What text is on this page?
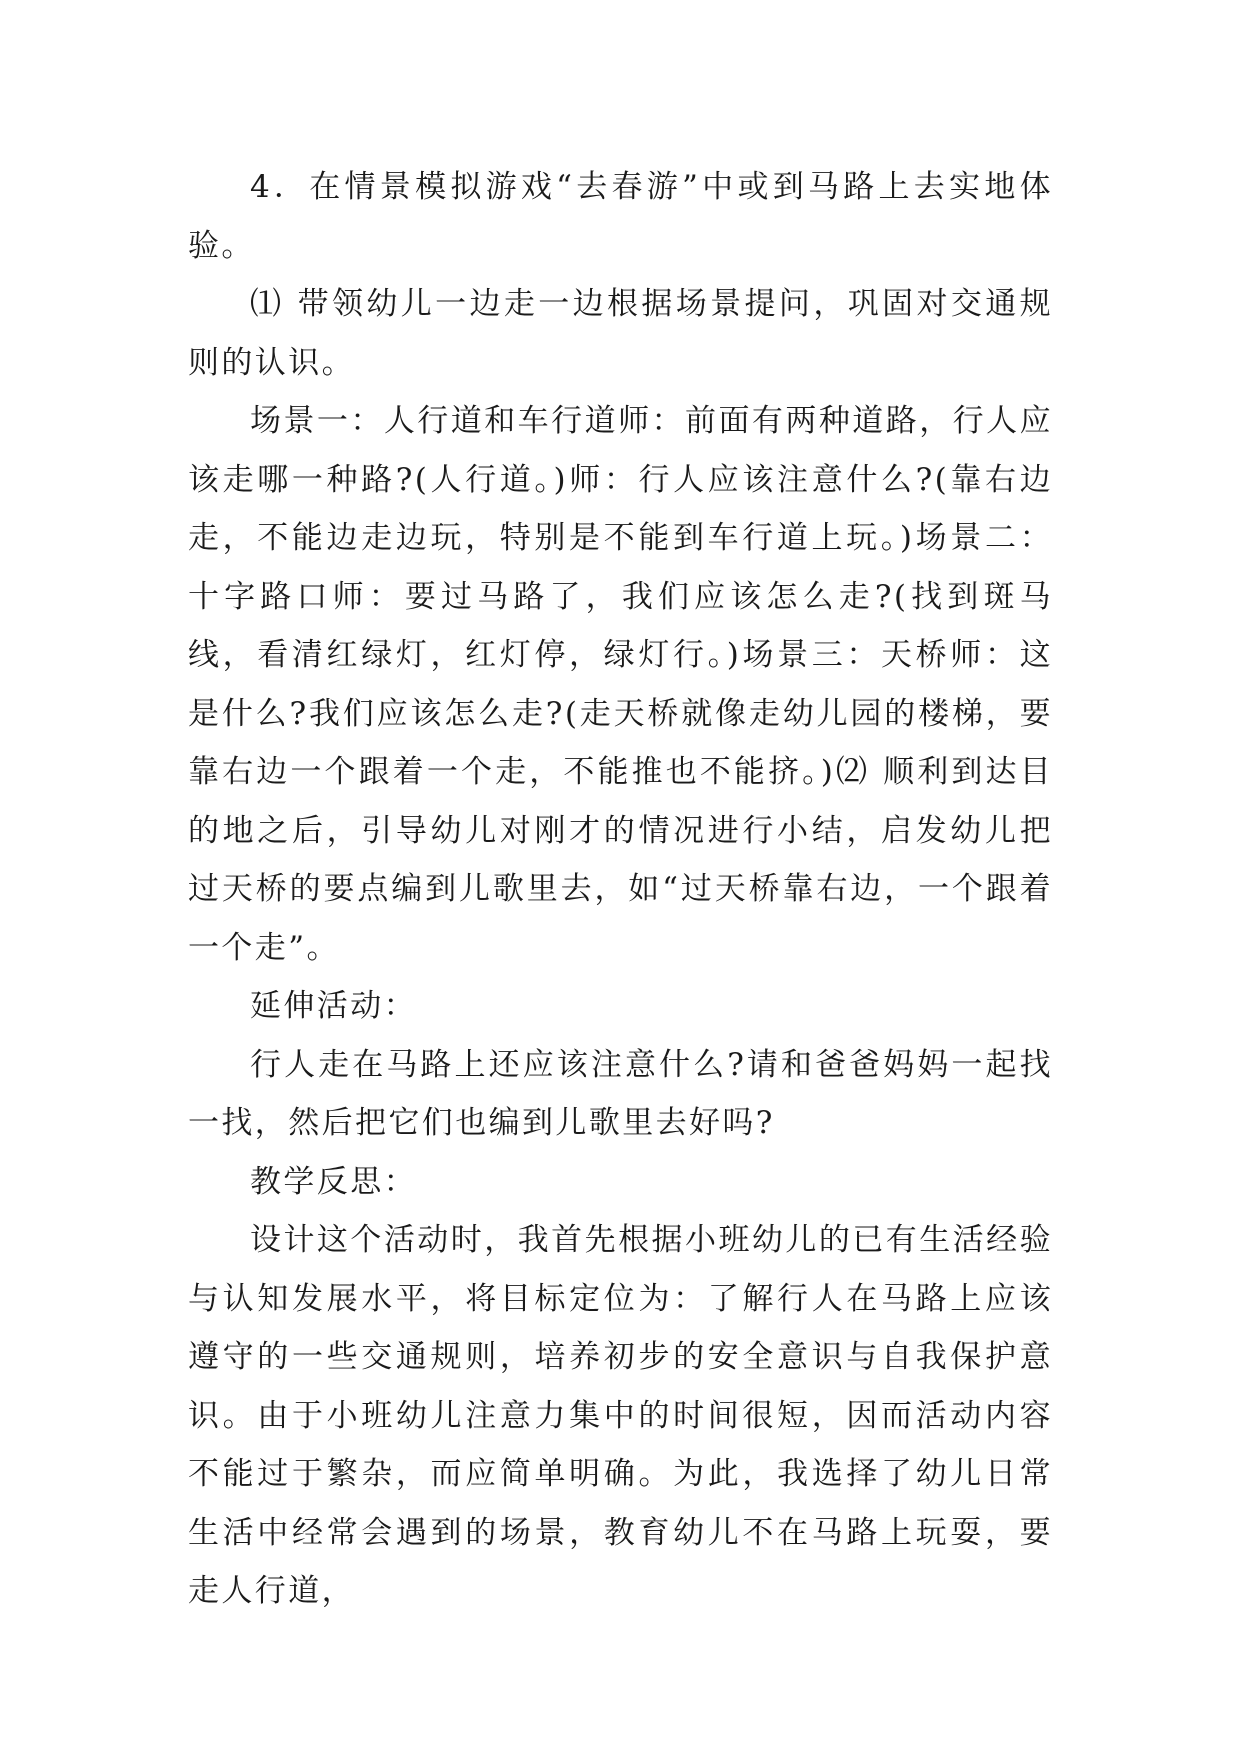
4．在情景模拟游戏“去春游”中或到马路上去实地体验。

⑴ 带领幼儿一边走一边根据场景提问，巩固对交通规则的认识。

场景一：人行道和车行道师：前面有两种道路，行人应该走哪一种路?(人行道。)师：行人应该注意什么?(靠右边走，不能边走边玩，特别是不能到车行道上玩。)场景二：十字路口师：要过马路了，我们应该怎么走?(找到斑马线，看清红绿灯，红灯停，绿灯行。)场景三：天桥师：这是什么?我们应该怎么走?(走天桥就像走幼儿园的楼梯，要靠右边一个跟着一个走，不能推也不能挤。)⑵ 顺利到达目的地之后，引导幼儿对刚才的情况进行小结，启发幼儿把过天桥的要点编到儿歌里去，如“过天桥靠右边，一个跟着一个走”。

延伸活动：

行人走在马路上还应该注意什么?请和爸爸妈妈一起找一找，然后把它们也编到儿歌里去好吗?

教学反思：

设计这个活动时，我首先根据小班幼儿的已有生活经验与认知发展水平，将目标定位为：了解行人在马路上应该遵守的一些交通规则，培养初步的安全意识与自我保护意识。由于小班幼儿注意力集中的时间很短，因而活动内容不能过于繁杂，而应简单明确。为此，我选择了幼儿日常生活中经常会遇到的场景，教育幼儿不在马路上玩耍，要走人行道，
